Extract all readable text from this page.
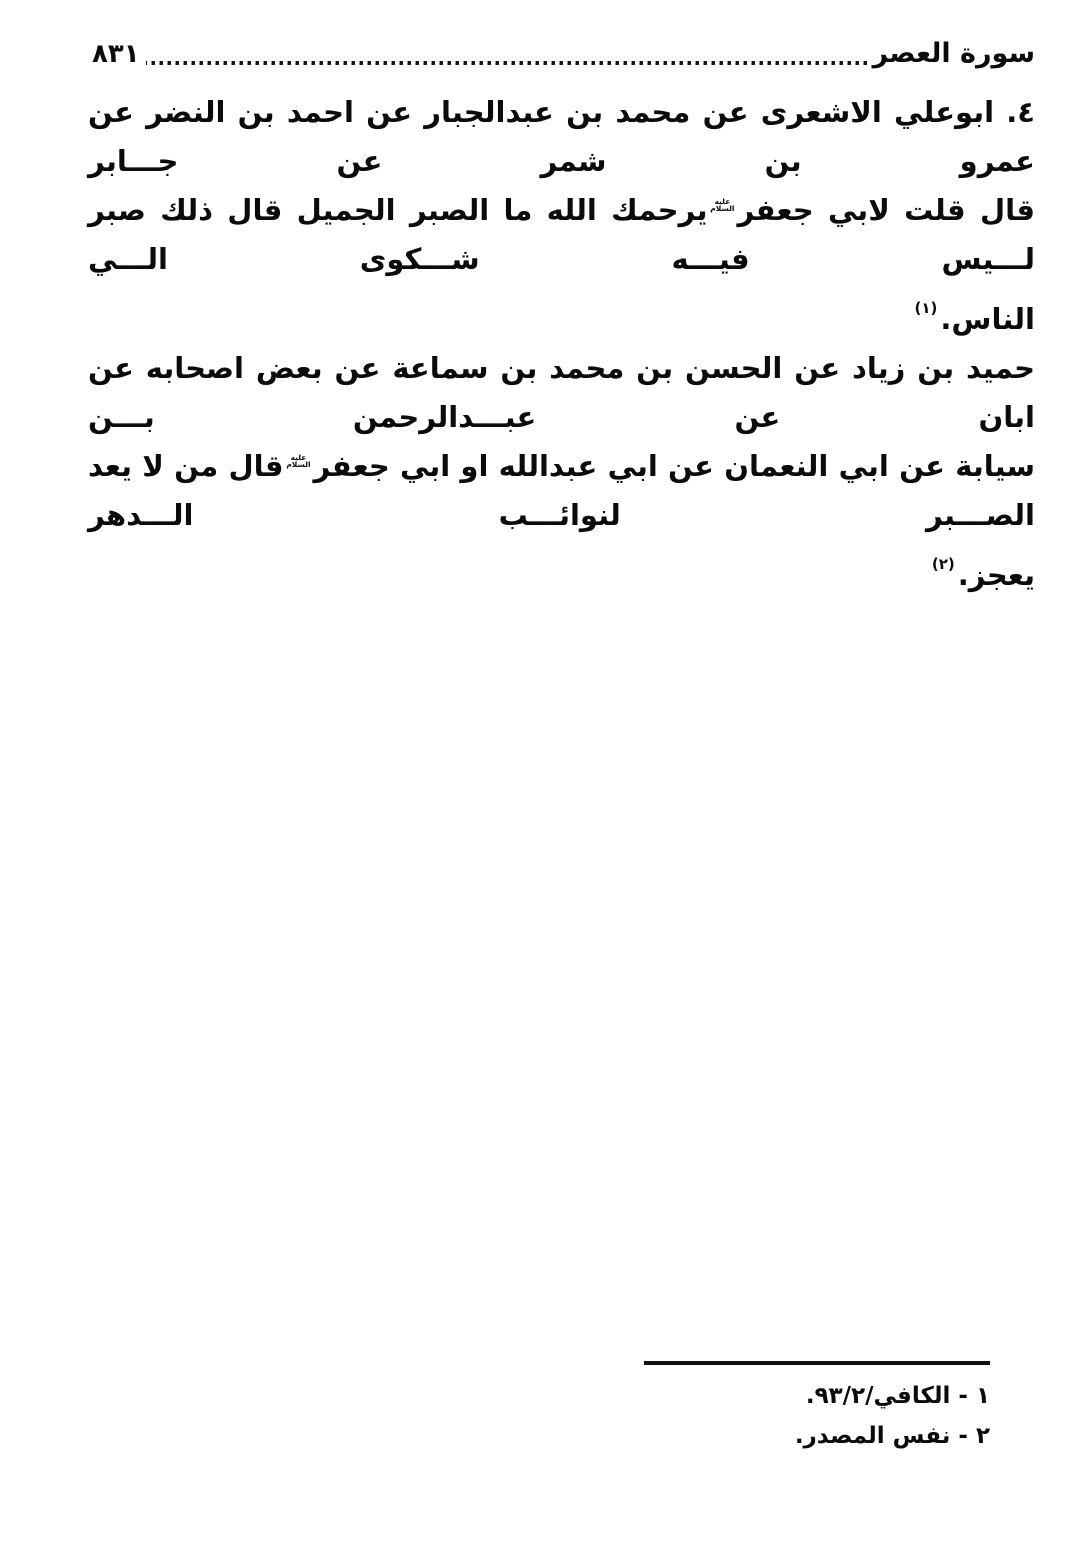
سورة العصر
٨٣١
٤. ابوعلي الاشعرى عن محمد بن عبدالجبار عن احمد بن النضر عن عمرو بن شمر عن جـــابر
قال قلت لابي جعفرعليه السلاميرحمك الله ما الصبر الجميل قال ذلك صبر لـــيس فيـــه شـــكوى الـــي
الناس.$^{(١)}$
حميد بن زياد عن الحسن بن محمد بن سماعة عن بعض اصحابه عن ابان عن عبـــدالرحمن بـــن
سيابة عن ابي النعمان عن ابي عبدالله او ابي جعفرعليه السلامقال من لا يعد الصـــبر لنوائـــب الـــدهر
يعجز.$^{(٢)}$
١ - الكافي/٩٣/٢.
٢ - نفس المصدر.
